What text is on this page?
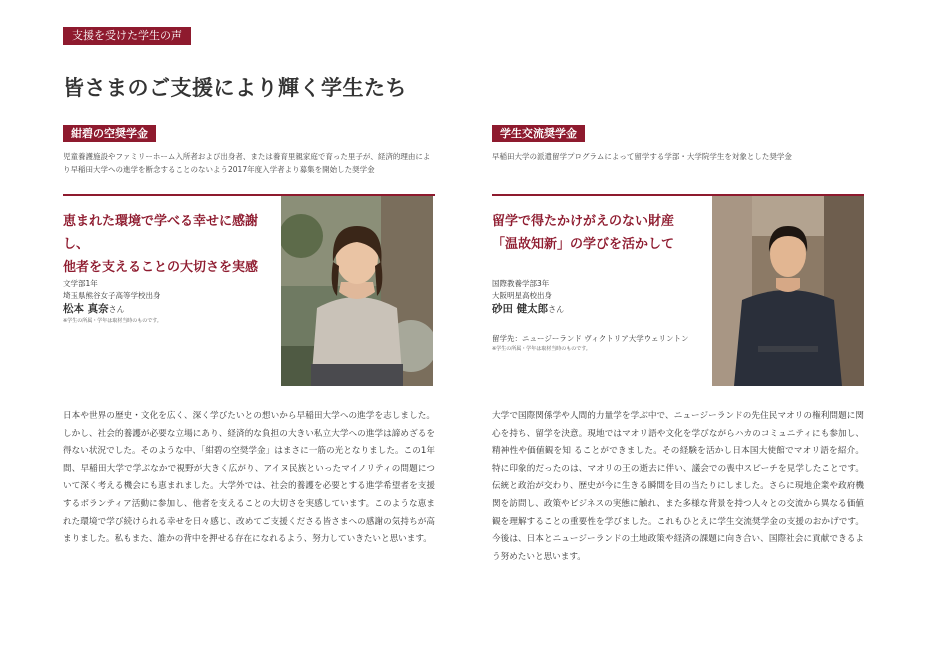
支援を受けた学生の声
皆さまのご支援により輝く学生たち
紺碧の空奨学金

児童養護施設やファミリーホーム入所者および出身者、または養育里親家庭で育った里子が、経済的理由により早稲田大学への進学を断念することのないよう2017年度入学者より募集を開始した奨学金

恵まれた環境で学べる幸せに感謝し、
他者を支えることの大切さを実感
文学部1年
埼玉県熊谷女子高等学校出身
松本 真奈さん
※学生の所属・学年は取材当時のものです。
学生交流奨学金

早稲田大学の派遣留学プログラムによって留学する学部・大学院学生を対象とした奨学金

留学で得たかけがえのない財産
「温故知新」の学びを活かして
国際教養学部3年
大阪明星高校出身
砂田 健太郎さん
留学先：ニュージーランド ヴィクトリア大学ウェリントン
※学生の所属・学年は取材当時のものです。

日本や世界の歴史・文化を広く、深く学びたいとの想いから早稲田大学への進学を志しました。しかし、社会的養護が必要な立場にあり、経済的な負担の大きい私立大学への進学は諦めざるを得ない状況でした。そのような中、「紺碧の空奨学金」はまさに一筋の光となりました。この1年間、早稲田大学で学ぶなかで視野が大きく広がり、アイヌ民族といったマイノリティの問題について深く考える機会にも恵まれました。大学外では、社会的養護を必要とする進学希望者を支援するボランティア活動に参加し、他者を支えることの大切さを実感しています。このような恵まれた環境で学び続けられる幸せを日々感じ、改めてご支援くださる皆さまへの感謝の気持ちが高まりました。私もまた、誰かの背中を押せる存在になれるよう、努力していきたいと思います。

大学で国際関係学や人間的力量学を学ぶ中で、ニュージーランドの先住民マオリの権利問題に関心を持ち、留学を決意。現地ではマオリ語や文化を学びながらハカのコミュニティにも参加し、精神性や価値観を知 ることができました。その経験を活かし日本国大使館でマオリ語を紹介。特に印象的だったのは、マオリの王の逝去に伴い、議会での喪中スピーチを見学したことです。伝統と政治が交わり、歴史が今に生きる瞬間を目の当たりにしました。さらに現地企業や政府機関を訪問し、政策やビジネスの実態に触れ、また多様な背景を持つ人々との交流から異なる価値観を理解することの重要性を学びました。これもひとえに学生交流奨学金の支援のおかげです。今後は、日本とニュージーランドの土地政策や経済の課題に向き合い、国際社会に貢献できるよう努めたいと思います。
